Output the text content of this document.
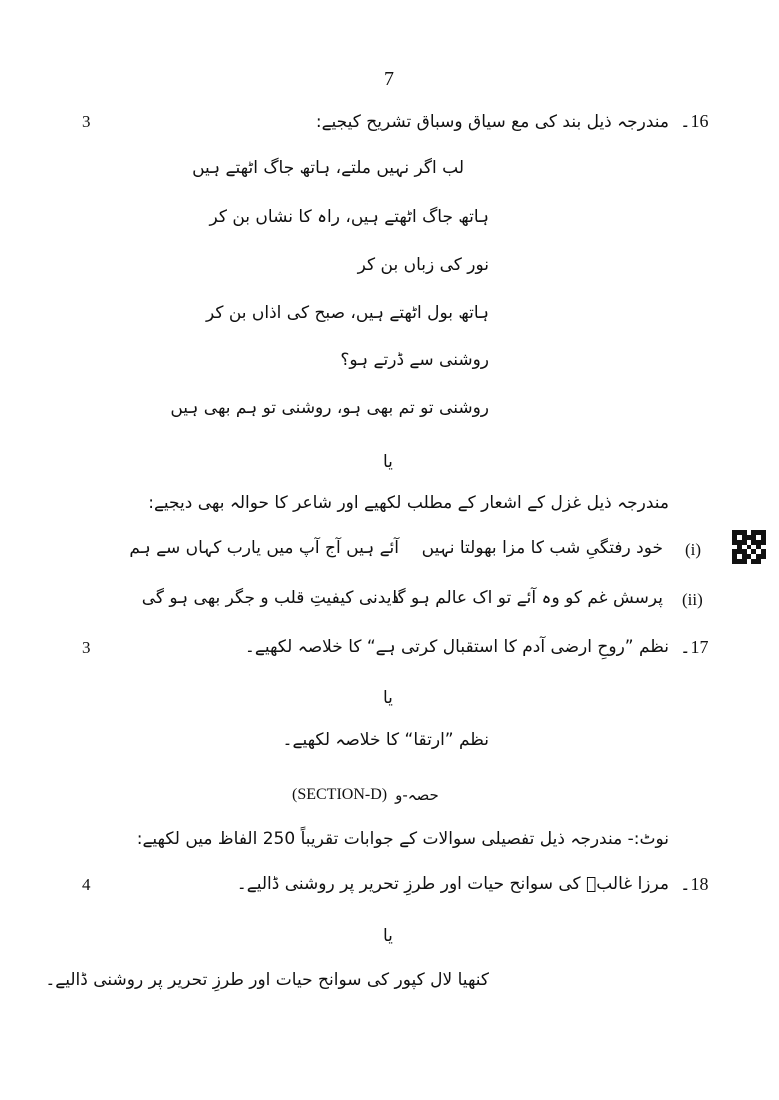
7
3	16۔
مندرجہ ذیل بند کی مع سیاق وسباق تشریح کیجیے:
لب اگر نہیں ملتے، ہاتھ جاگ اٹھتے ہیں
ہاتھ جاگ اٹھتے ہیں، راہ کا نشاں بن کر
نور کی زباں بن کر
ہاتھ بول اٹھتے ہیں، صبح کی اذاں بن کر
روشنی سے ڈرتے ہو؟
روشنی تو تم بھی ہو، روشنی تو ہم بھی ہیں
یا
مندرجہ ذیل غزل کے اشعار کے مطلب لکھیے اور شاعر کا حوالہ بھی دیجیے:
(i)
خود رفتگیِ شب کا مزا بھولتا نہیں
آئے ہیں آج آپ میں یارب کہاں سے ہم
(ii)
پرسش غم کو وہ آئے تو اک عالم ہو گا
دیدنی کیفیتِ قلب و جگر بھی ہو گی
3	17۔
نظم ”روحِ ارضی آدم کا استقبال کرتی ہے“ کا خلاصہ لکھیے۔
یا
نظم ”ارتقا“ کا خلاصہ لکھیے۔
(SECTION-D) حصہ-و
نوٹ:- مندرجہ ذیل تفصیلی سوالات کے جوابات تقریباً 250 الفاظ میں لکھیے:
4	18۔
مرزا غالبؔ کی سوانح حیات اور طرزِ تحریر پر روشنی ڈالیے۔
یا
کنھیا لال کپور کی سوانح حیات اور طرزِ تحریر پر روشنی ڈالیے۔
